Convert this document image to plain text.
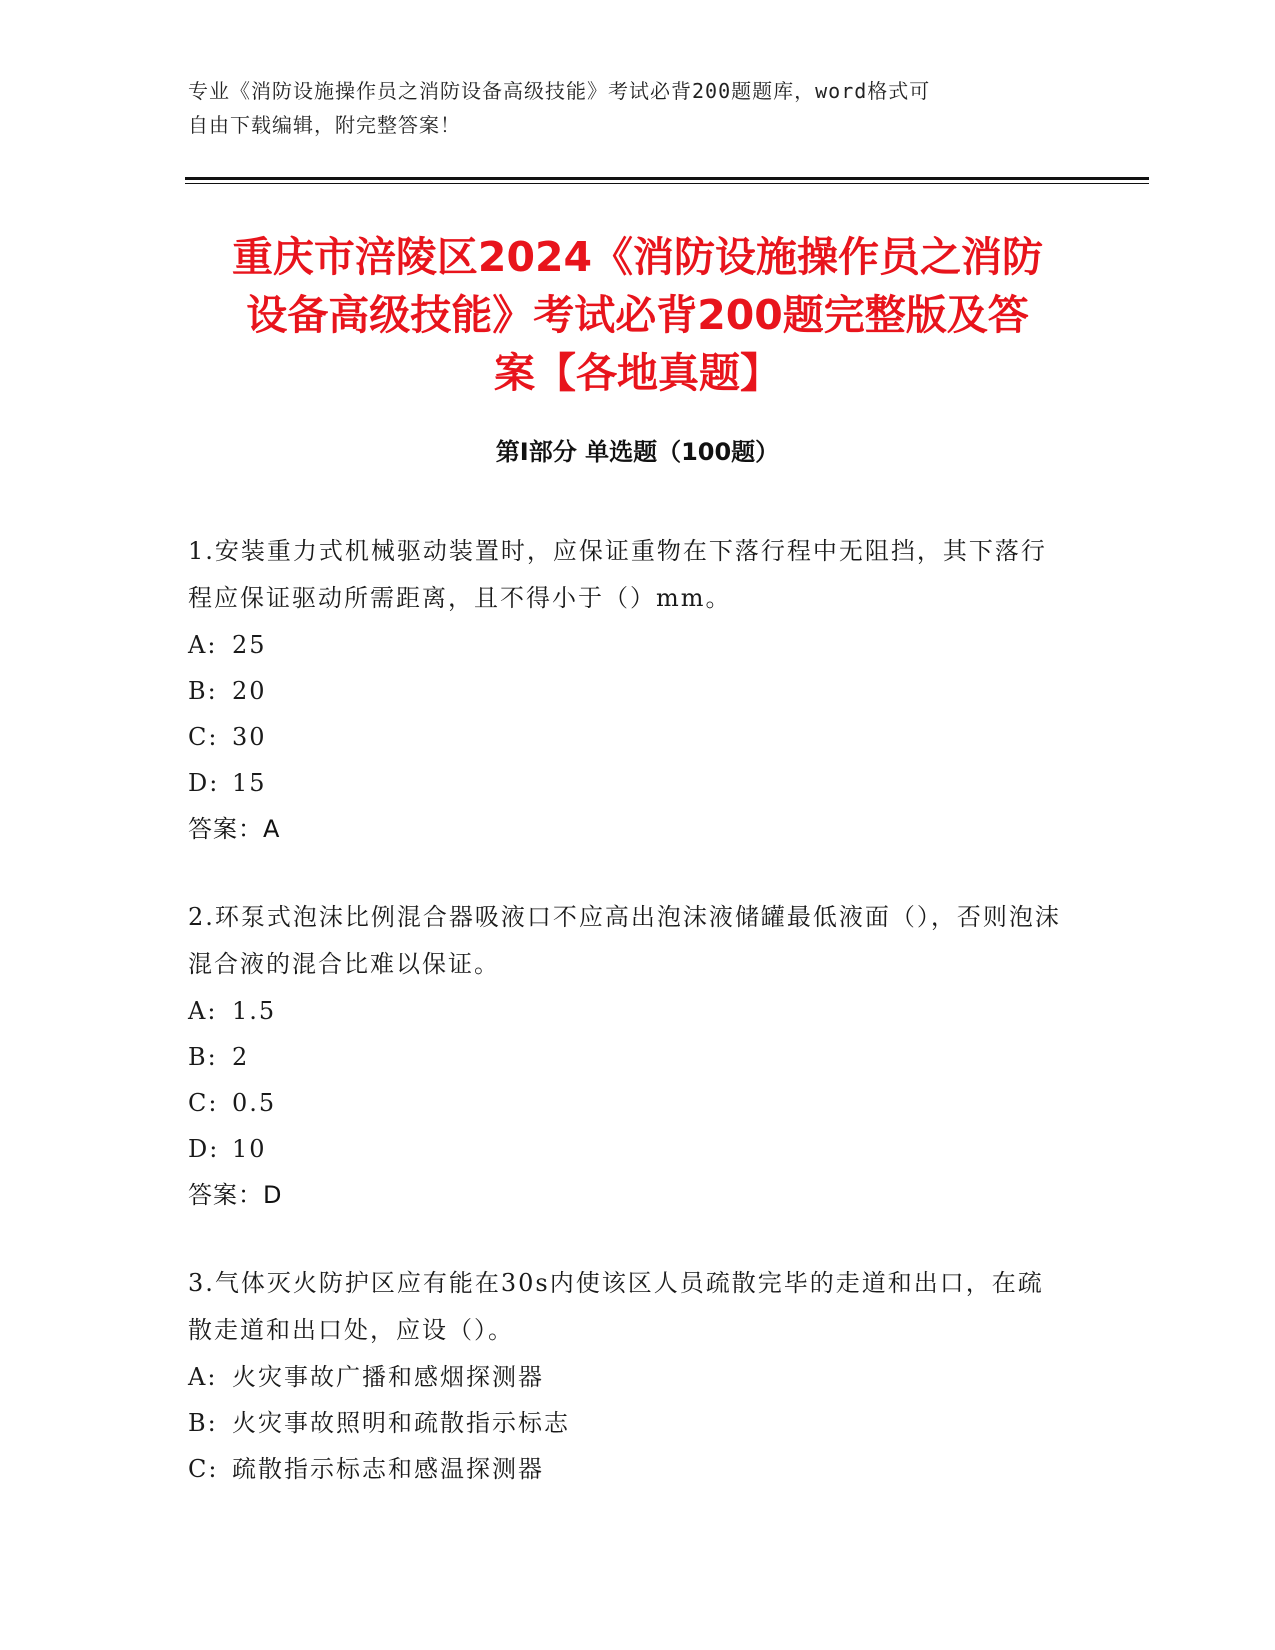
专业《消防设施操作员之消防设备高级技能》考试必背200题题库，word格式可
自由下载编辑，附完整答案！
重庆市涪陵区2024《消防设施操作员之消防
设备高级技能》考试必背200题完整版及答
案【各地真题】
第I部分 单选题（100题）

1.安装重力式机械驱动装置时，应保证重物在下落行程中无阻挡，其下落行程应保证驱动所需距离，且不得小于（）mm。

A: 25
B: 20
C: 30
D: 15
答案：A

2.环泵式泡沫比例混合器吸液口不应高出泡沫液储罐最低液面（），否则泡沫混合液的混合比难以保证。

A: 1.5
B: 2
C: 0.5
D: 10
答案：D

3.气体灭火防护区应有能在30s内使该区人员疏散完毕的走道和出口，在疏散走道和出口处，应设（）。

A: 火灾事故广播和感烟探测器
B: 火灾事故照明和疏散指示标志
C: 疏散指示标志和感温探测器
